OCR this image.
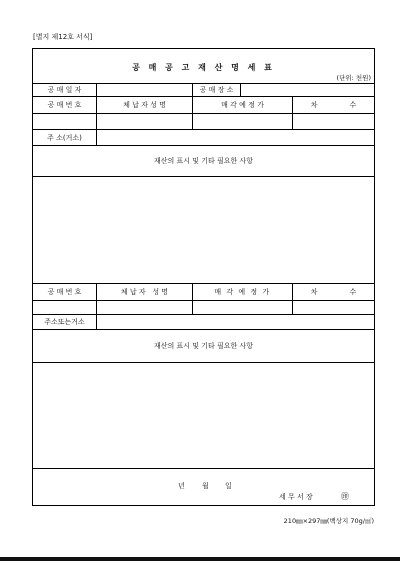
[별지 제12호 서식]
공 매 공 고 재 산 명 세 표
(단위: 천원)
공 매 일 자	공 매 장 소
공 매 번 호	체 납 자 성 명	매 각 예 정 가	차	수
주 소(거소)
재산의 표시 및 기타 필요한 사항
공 매 번 호	체 납 자   성 명	매 각 예 정 가	차	수
주소또는거소
재산의 표시 및 기타 필요한 사항
년 월 일
세 무 서 장	㊞
210㎜×297㎜(백상지 70g/㎡)
